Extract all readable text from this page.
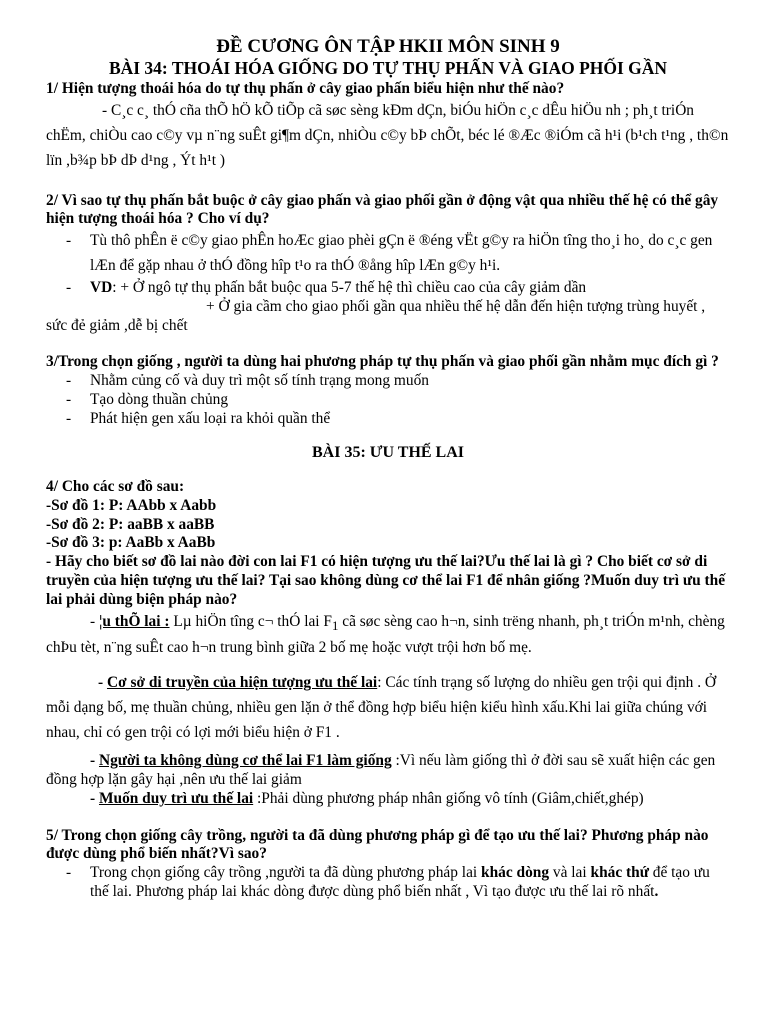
ĐỀ CƯƠNG ÔN TẬP HKII MÔN SINH 9
BÀI 34: THOÁI HÓA GIỐNG DO TỰ THỤ PHẤN VÀ GIAO PHỐI GẦN

1/ Hiện tượng thoái hóa do tự thụ phấn ở cây giao phấn biểu hiện như thế nào?

- C¸c c¸ thÓ cña thÕ hÖ kÕ tiÕp cã søc sèng kÐm dÇn, biÓu hiÖn c¸c dÊu hiÖu nh ; ph¸t triÓn chËm, chiÒu cao c©y vµ n¨ng suÊt gi¶m dÇn, nhiÒu c©y bÞ chÕt, béc lé ®Æc ®iÓm cã h¹i (b¹ch t¹ng , th©n lïn ,b¾p bÞ dÞ d¹ng , Ýt h¹t )

2/ Vì sao tự thụ phấn bắt buộc ở cây giao phấn và giao phối gần ở động vật qua nhiều thế hệ có thể gây hiện tượng thoái hóa ? Cho ví dụ?

- Tù thô phÊn ë c©y giao phÊn hoÆc giao phèi gÇn ë ®éng vËt g©y ra hiÖn tîng tho¸i ho¸ do c¸c gen lÆn để gặp nhau ở thÓ đồng hîp t¹o ra thÓ ®ång hîp lÆn g©y h¹i.
- VD: + Ở ngô tự thụ phấn bắt buộc qua 5-7 thế hệ thì chiều cao của cây giảm dần

+ Ở gia cầm cho giao phối gần qua nhiều thế hệ dẫn đến hiện tượng trùng huyết ,

sức đẻ giảm ,dễ bị chết

3/Trong chọn giống , người ta dùng hai phương pháp tự thụ phấn và giao phối gần nhằm mục đích gì ?

- Nhằm củng cố và duy trì một số tính trạng mong muốn
- Tạo dòng thuần chủng
- Phát hiện gen xấu loại ra khỏi quần thể
BÀI 35: ƯU THẾ LAI

4/ Cho các sơ đồ sau:

-Sơ đồ 1: P: AAbb x Aabb

-Sơ đồ 2: P: aaBB x aaBB

-Sơ đồ 3: p: AaBb x AaBb

- Hãy cho biết sơ đồ lai nào đời con lai F1 có hiện tượng ưu thế lai?Ưu thế lai là gì ? Cho biết cơ sở di truyền của hiện tượng ưu thế lai? Tại sao không dùng cơ thể lai F1 để nhân giống ?Muốn duy trì ưu thế lai phải dùng biện pháp nào?

- ¦u thÕ lai : Lµ hiÖn tîng c¬ thÓ lai $F_1$ cã søc sèng cao h¬n, sinh trëng nhanh, ph¸t triÓn m¹nh, chèng chÞu tèt, n¨ng suÊt cao h¬n trung bình giữa 2 bố mẹ hoặc vượt trội hơn bố mẹ.

- Cơ sở di truyền của hiện tượng ưu thế lai: Các tính trạng số lượng do nhiều gen trội qui định . Ở mỗi dạng bố, mẹ thuần chủng, nhiều gen lặn ở thể đồng hợp biểu hiện kiểu hình xấu.Khi lai giữa chúng với nhau, chỉ có gen trội có lợi mới biểu hiện ở F1 .

- Người ta không dùng cơ thể lai F1 làm giống :Vì nếu làm giống thì ở đời sau sẽ xuất hiện các gen đồng hợp lặn gây hại ,nên ưu thế lai giảm

- Muốn duy trì ưu thế lai :Phải dùng phương pháp nhân giống vô tính (Giâm,chiết,ghép)

5/ Trong chọn giống cây trồng, người ta đã dùng phương pháp gì để tạo ưu thế lai? Phương pháp nào được dùng phổ biến nhất?Vì sao?

- Trong chọn giống cây trồng ,người ta đã dùng phương pháp lai khác dòng và lai khác thứ để tạo ưu thế lai. Phương pháp lai khác dòng được dùng phổ biến nhất , Vì tạo được ưu thế lai rõ nhất.
